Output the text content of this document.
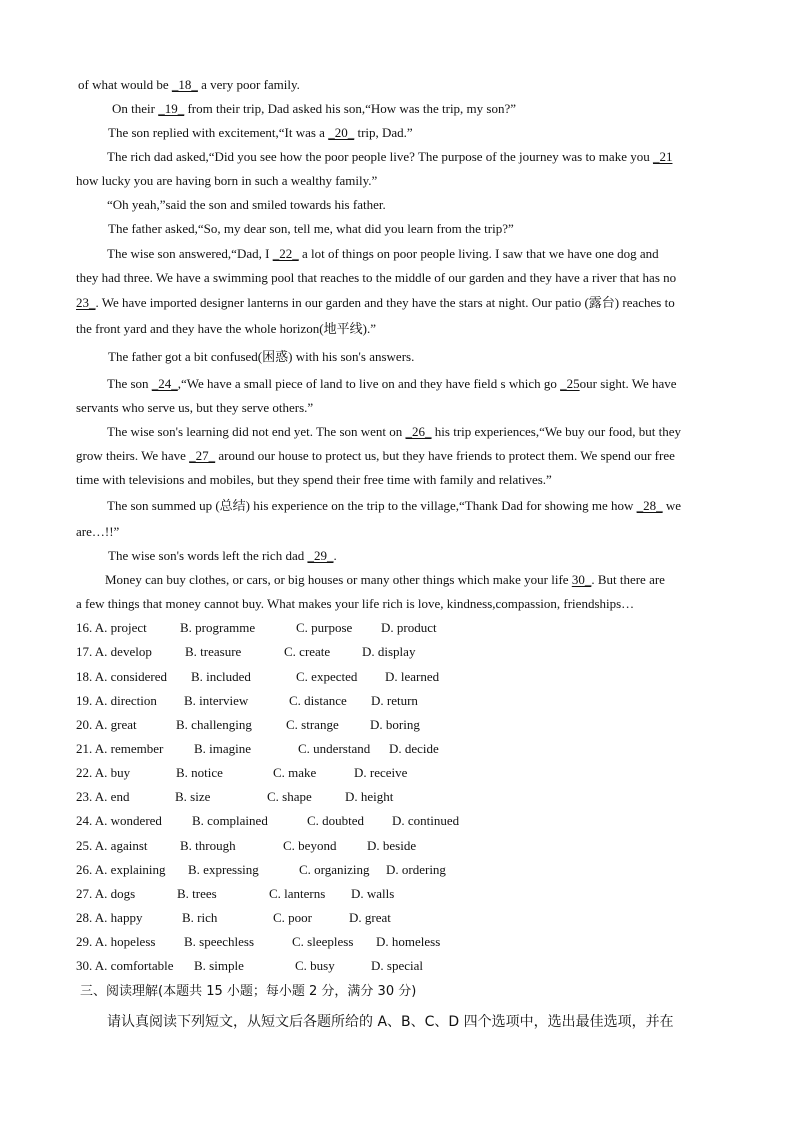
of what would be _18_ a very poor family.
On their _19_ from their trip, Dad asked his son,“How was the trip, my son?”
The son replied with excitement,“It was a _20_ trip, Dad.”
The rich dad asked,“Did you see how the poor people live? The purpose of the journey was to make you _21
how lucky you are having born in such a wealthy family.”
“Oh yeah,”said the son and smiled towards his father.
The father asked,“So, my dear son, tell me, what did you learn from the trip?”
The wise son answered,“Dad, I _22_ a lot of things on poor people living. I saw that we have one dog and
they had three. We have a swimming pool that reaches to the middle of our garden and they have a river that has no
23_. We have imported designer lanterns in our garden and they have the stars at night. Our patio (露台) reaches to
the front yard and they have the whole horizon(地平线).”
The father got a bit confused(困惑) with his son's answers.
The son _24_,“We have a small piece of land to live on and they have field s which go _25our sight. We have
servants who serve us, but they serve others.”
The wise son's learning did not end yet. The son went on _26_ his trip experiences,“We buy our food, but they
grow theirs. We have _27_ around our house to protect us, but they have friends to protect them. We spend our free
time with televisions and mobiles, but they spend their free time with family and relatives.”
The son summed up (总结) his experience on the trip to the village,“Thank Dad for showing me how _28_ we
are…!!”
The wise son's words left the rich dad _29_.
Money can buy clothes, or cars, or big houses or many other things which make your life 30_. But there are
a few things that money cannot buy. What makes your life rich is love, kindness,compassion, friendships…
16. A. project	B. programme	C. purpose D. product
17. A. develop	B. treasure	C. create D. display
18. A. considered B. included	C. expected D. learned
19. A. direction B. interview	C. distance D. return
20. A. great	B. challenging	C. strange D. boring
21. A. remember B. imagine	C. understand D. decide
22. A. buy	B. notice	C. make	D. receive
23. A. end	B. size	C. shape	D. height
24. A. wondered B. complained	C. doubted D. continued
25. A. against	B. through	C. beyond D. beside
26. A. explaining B. expressing	C. organizing D. ordering
27. A. dogs	B. trees	C. lanterns D. walls
28. A. happy	B. rich	C. poor	D. great
29. A. hopeless B. speechless	C. sleepless D. homeless
30. A. comfortable B. simple	C. busy	D. special
三、阅读理解(本题共 15 小题；每小题 2 分，满分 30 分)
请认真阅读下列短文，从短文后各题所给的 A、B、C、D 四个选项中，选出最佳选项，并在
